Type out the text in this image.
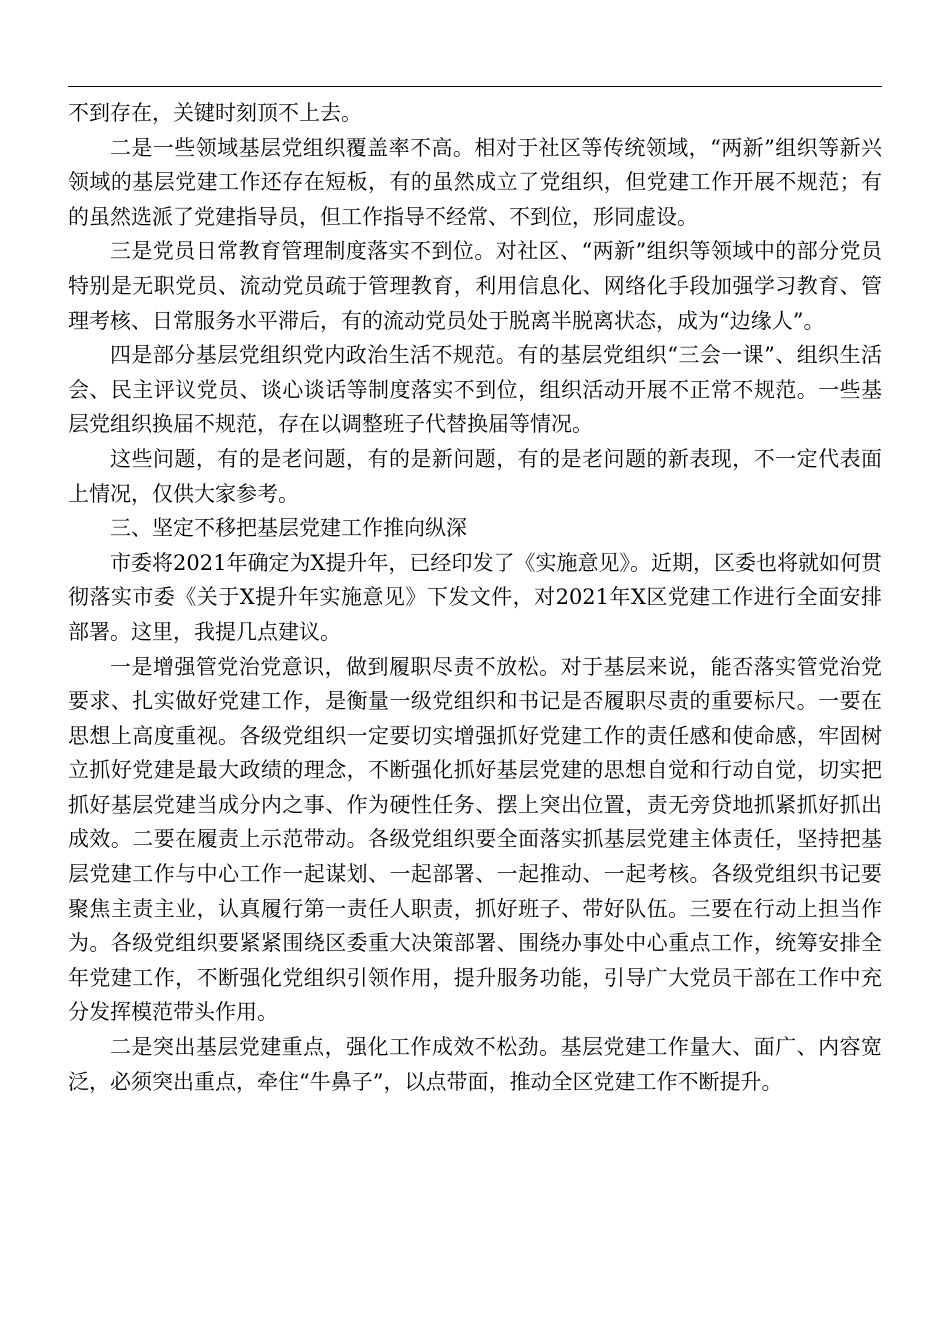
不到存在，关键时刻顶不上去。

二是一些领域基层党组织覆盖率不高。相对于社区等传统领域，“两新”组织等新兴领域的基层党建工作还存在短板，有的虽然成立了党组织，但党建工作开展不规范；有的虽然选派了党建指导员，但工作指导不经常、不到位，形同虚设。

三是党员日常教育管理制度落实不到位。对社区、“两新”组织等领域中的部分党员特别是无职党员、流动党员疏于管理教育，利用信息化、网络化手段加强学习教育、管理考核、日常服务水平滞后，有的流动党员处于脱离半脱离状态，成为“边缘人”。

四是部分基层党组织党内政治生活不规范。有的基层党组织“三会一课”、组织生活会、民主评议党员、谈心谈话等制度落实不到位，组织活动开展不正常不规范。一些基层党组织换届不规范，存在以调整班子代替换届等情况。

这些问题，有的是老问题，有的是新问题，有的是老问题的新表现，不一定代表面上情况，仅供大家参考。

三、坚定不移把基层党建工作推向纵深

市委将2021年确定为X提升年，已经印发了《实施意见》。近期，区委也将就如何贯彻落实市委《关于X提升年实施意见》下发文件，对2021年X区党建工作进行全面安排部署。这里，我提几点建议。

一是增强管党治党意识，做到履职尽责不放松。对于基层来说，能否落实管党治党要求、扎实做好党建工作，是衡量一级党组织和书记是否履职尽责的重要标尺。一要在思想上高度重视。各级党组织一定要切实增强抓好党建工作的责任感和使命感，牢固树立抓好党建是最大政绩的理念，不断强化抓好基层党建的思想自觉和行动自觉，切实把抓好基层党建当成分内之事、作为硬性任务、摆上突出位置，责无旁贷地抓紧抓好抓出成效。二要在履责上示范带动。各级党组织要全面落实抓基层党建主体责任，坚持把基层党建工作与中心工作一起谋划、一起部署、一起推动、一起考核。各级党组织书记要聚焦主责主业，认真履行第一责任人职责，抓好班子、带好队伍。三要在行动上担当作为。各级党组织要紧紧围绕区委重大决策部署、围绕办事处中心重点工作，统筹安排全年党建工作，不断强化党组织引领作用，提升服务功能，引导广大党员干部在工作中充分发挥模范带头作用。

二是突出基层党建重点，强化工作成效不松劲。基层党建工作量大、面广、内容宽泛，必须突出重点，牵住“牛鼻子”，以点带面，推动全区党建工作不断提升。
